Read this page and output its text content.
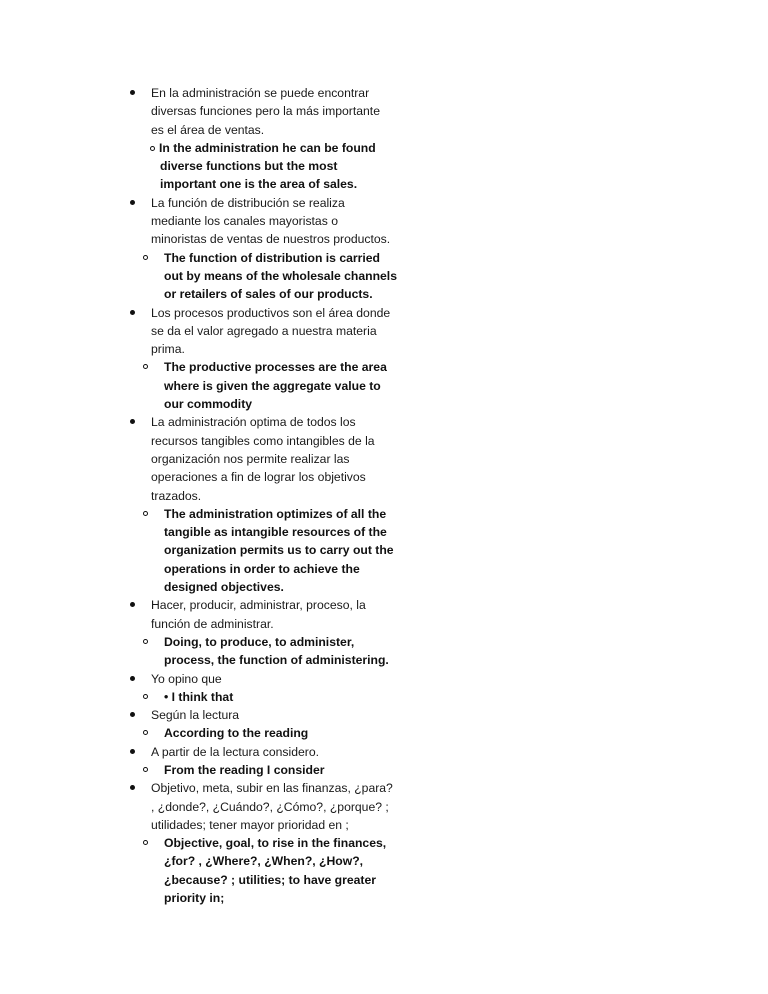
En la administración se puede encontrar diversas funciones pero la más importante es el área de ventas.
In the administration he can be found diverse functions but the most important one is the area of sales.
La función de distribución se realiza mediante los canales mayoristas o minoristas de ventas de nuestros productos.
The function of distribution is carried out by means of the wholesale channels or retailers of sales of our products.
Los procesos productivos son el área donde se da el valor agregado a nuestra materia prima.
The productive processes are the area where is given the aggregate value to our commodity
La administración optima de todos los recursos tangibles como intangibles de la organización nos permite realizar las operaciones a fin de lograr los objetivos trazados.
The administration optimizes of all the tangible as intangible resources of the organization permits us to carry out the operations in order to achieve the designed objectives.
Hacer, producir, administrar, proceso, la función de administrar.
Doing, to produce, to administer, process, the function of administering.
Yo opino que
• I think that
Según la lectura
According to the reading
A partir de la lectura considero.
From the reading I consider
Objetivo, meta, subir en las finanzas, ¿para? , ¿donde?, ¿Cuándo?, ¿Cómo?, ¿porque? ; utilidades; tener mayor prioridad en ;
Objective, goal, to rise in the finances, ¿for? , ¿Where?, ¿When?, ¿How?, ¿because? ; utilities; to have greater priority in;
